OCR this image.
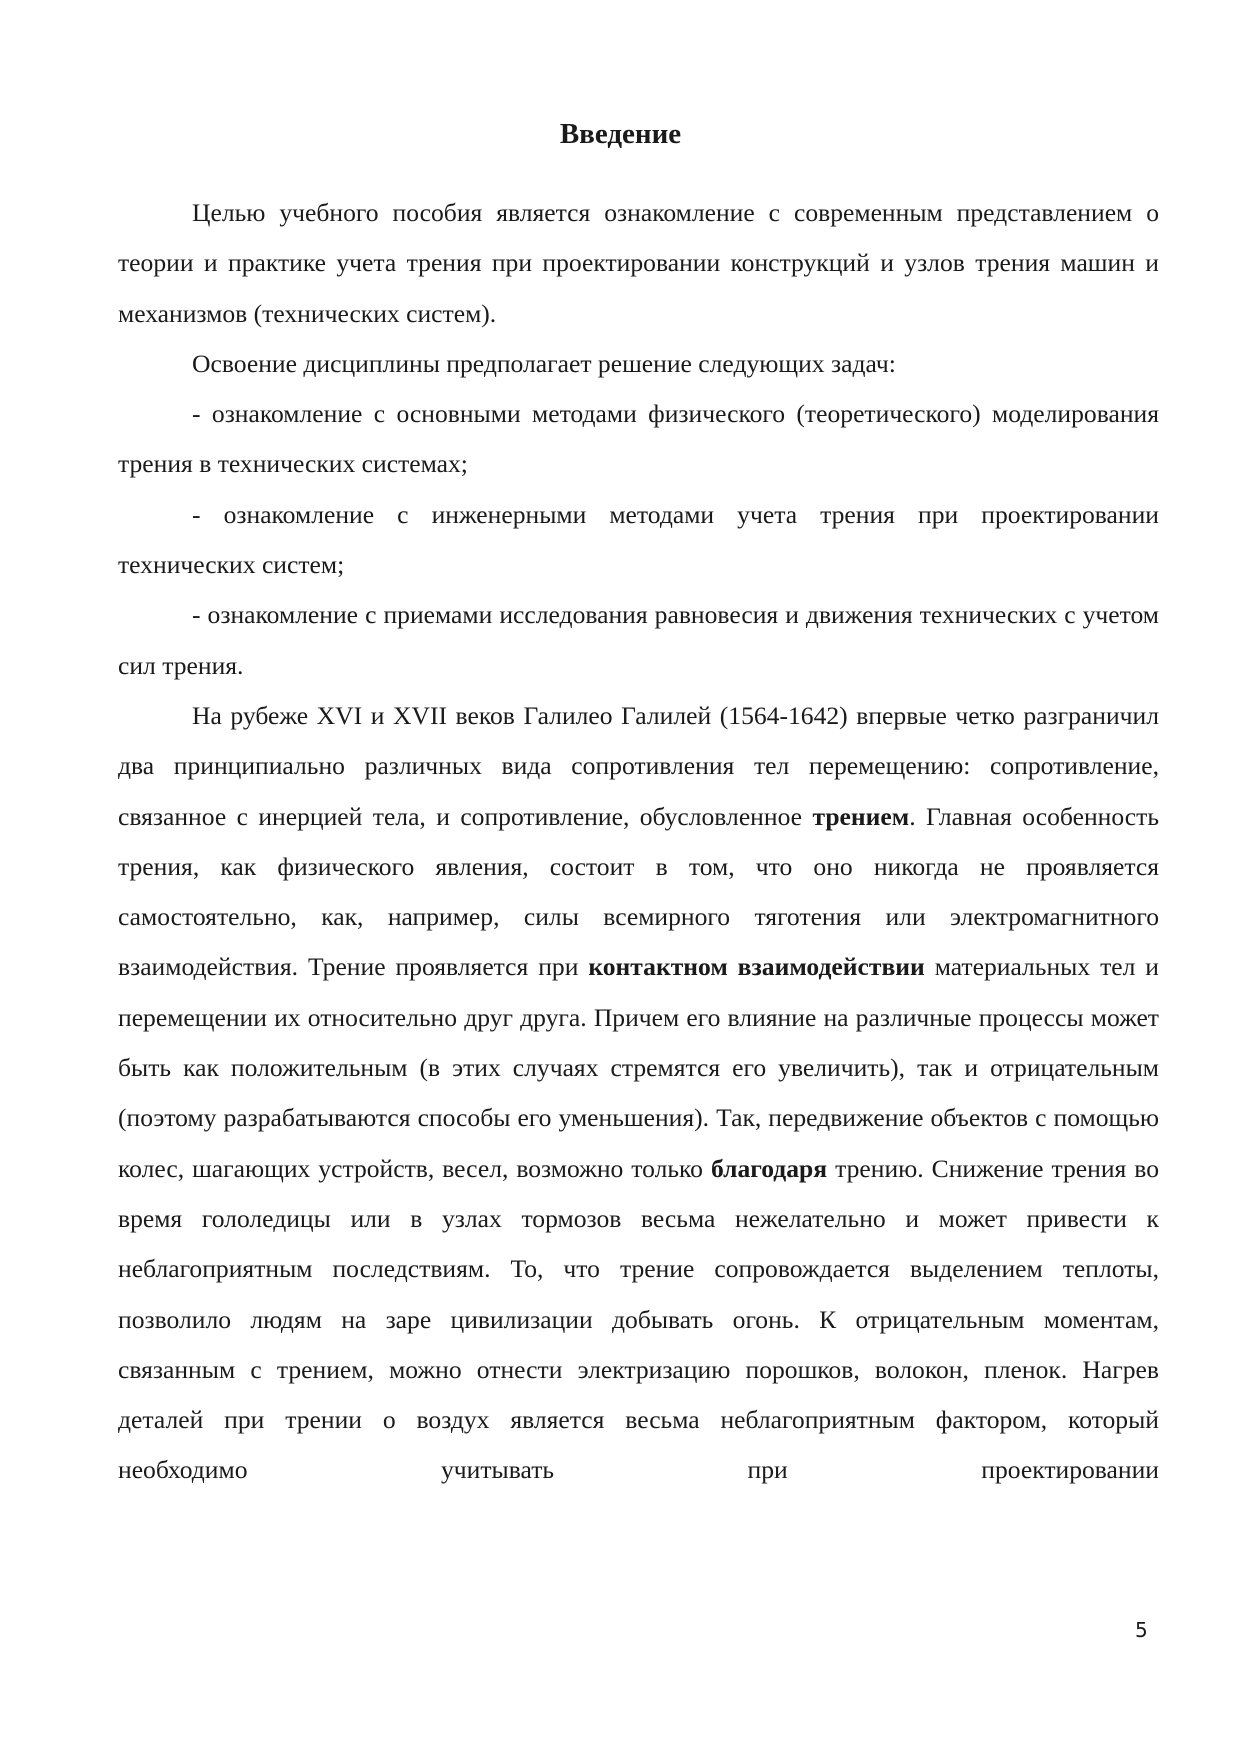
Введение

Целью учебного пособия является ознакомление с современным представлением о теории и практике учета трения при проектировании конструкций и узлов трения машин и механизмов (технических систем).

Освоение дисциплины предполагает решение следующих задач:

- ознакомление с основными методами физического (теоретического) моделирования трения в технических системах;

- ознакомление с инженерными методами учета трения при проектировании технических систем;

- ознакомление с приемами исследования равновесия и движения технических с учетом сил трения.

На рубеже XVI и XVII веков Галилео Галилей (1564-1642) впервые четко разграничил два принципиально различных вида сопротивления тел перемещению: сопротивление, связанное с инерцией тела, и сопротивление, обусловленное трением. Главная особенность трения, как физического явления, состоит в том, что оно никогда не проявляется самостоятельно, как, например, силы всемирного тяготения или электромагнитного взаимодействия. Трение проявляется при контактном взаимодействии материальных тел и перемещении их относительно друг друга. Причем его влияние на различные процессы может быть как положительным (в этих случаях стремятся его увеличить), так и отрицательным (поэтому разрабатываются способы его уменьшения). Так, передвижение объектов с помощью колес, шагающих устройств, весел, возможно только благодаря трению. Снижение трения во время гололедицы или в узлах тормозов весьма нежелательно и может привести к неблагоприятным последствиям. То, что трение сопровождается выделением теплоты, позволило людям на заре цивилизации добывать огонь. К отрицательным моментам, связанным с трением, можно отнести электризацию порошков, волокон, пленок. Нагрев деталей при трении о воздух является весьма неблагоприятным фактором, который необходимо учитывать при проектировании

5
